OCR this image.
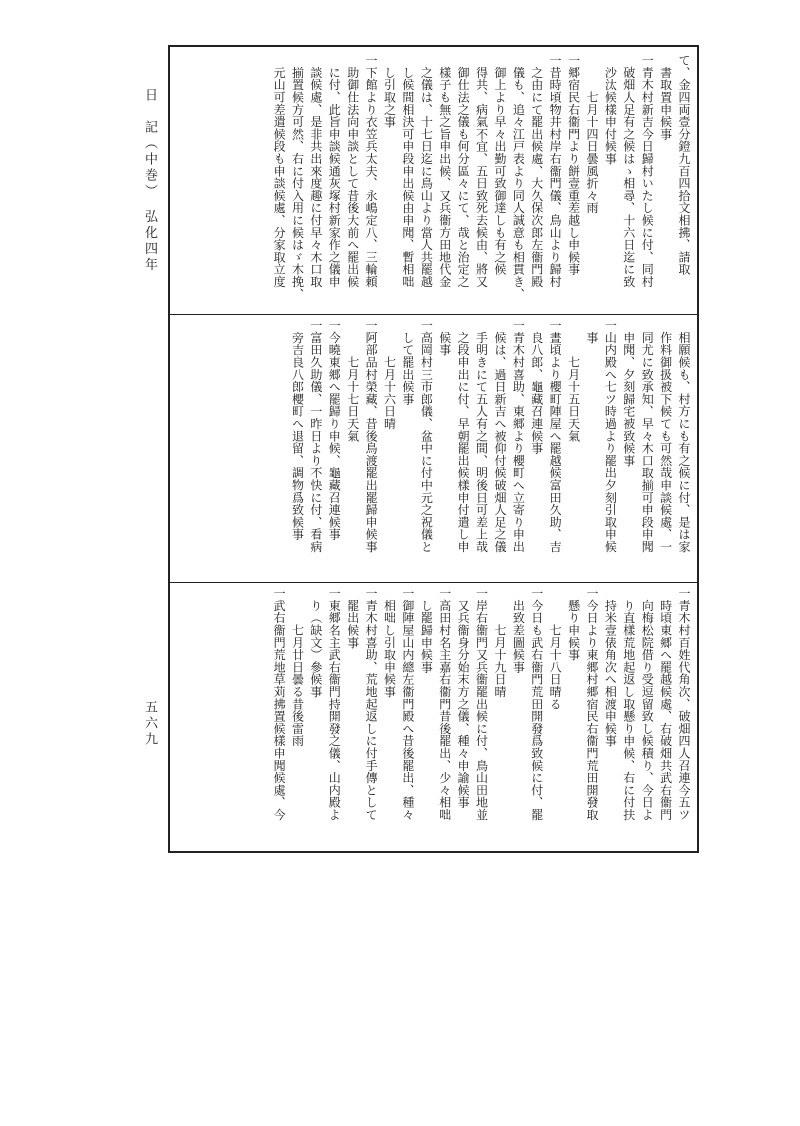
日　記（中巻）　弘化四年
五六九

て、金四両壹分鐙九百四拾文相拂、請取

　書取置申候事

一青木村新吉今日歸村いたし候に付、同村

　破畑人足有之候はゝ相尋、十六日迄に致

　沙汰候樣申付候事

　　　七月十四日曇風折々雨

一郷宿民右衞門より餅壹重差越し申候事

一昔時頃物井村岸右衞門儀、鳥山より歸村

　之由にて罷出候處、大久保次郎左衞門殿

　儀も、追々江戸表より同人誠意も相貫き、

　御上より早々出勤可致御達しも有之候

　得共、病氣不宜、五日致死去候由、將又

　御仕法之儀も何分區々にて、哉と治定之

　樣子も無之旨申出候、又兵衞方田地代金

　之儀は、十七日迄に鳥山より當人共罷越

　し候間相決可申段申出候由申聞、暫相咄

　し引取之事

一下館より衣笠兵太夫、永嶋定八、三輪頼

　助御仕法向申談として昔後大前へ罷出候

　に付、此旨申談候通灰塚村新家作之儀申

　談候處、是非共出來度趣に付早々木口取

　揃置候方可然、右に付入用に候はゞ木挽、

　元山可差遣候段も申談候處、分家取立度

　相願候も、村方にも有之候に付、是は家

　作料御扱被下候ても可然哉申談候處、一

　同尤に致承知、早々木口取揃可申段申聞

　申聞、夕刻歸宅被致候事

一山内殿へ七ツ時過より罷出夕刻引取申候

　事

　　　七月十五日天氣

一晝頃より櫻町陣屋へ罷越候富田久助、吉

　良八郎、龜藏召連候事

一青木村喜助、東郷より櫻町へ立寄り申出

　候は、過日新吉へ被仰付候破畑人足之儀

　手明きにて五人有之間、明後日可差上哉

　之段申出に付、早朝罷出候樣申付遣し申

　候事

一高岡村三市郎儀、盆中に付中元之祝儀と

　して罷出候事

　　　七月十六日晴

一阿部品村榮藏、昔後鳥渡罷出罷歸申候事

　　　七月十七日天氣

一今曉東郷へ罷歸り申候、龜藏召連候事

一富田久助儀、一昨日より不快に付、看病

　旁吉良八郎櫻町へ退留、調物爲致候事

一青木村百姓代角次、破畑四人召連今五ツ

　時頃東郷へ罷越候處、右破畑共武右衞門

　向梅松院借り受逗留致し候積り、今日よ

　り直樣荒地起返し取懸り申候、右に付扶

　持米壹俵角次へ相渡申候事

一今日より東郷村郷宿民右衞門荒田開發取

　懸り申候事

　　　七月十八日晴る

一今日も武右衞門荒田開發爲致候に付、罷

　出致差圖候事

　　　七月十九日晴

一岸右衞門又兵衞罷出候に付、鳥山田地並

　又兵衞身分始末方之儀、種々申諭候事

一高田村名主嘉右衞門昔後罷出、少々相咄

　し罷歸申候事

一御陣屋山内總左衞門殿へ昔後罷出、種々

　相咄し引取申候事

一青木村喜助、荒地起返しに付手傳として

　罷出候事

一東郷名主武右衞門持開發之儀、山内殿よ

　り（缺文）參候事

　　　七月廿日曇る昔後雷雨

一武右衞門荒地草苅拂置候樣申聞候處、今
